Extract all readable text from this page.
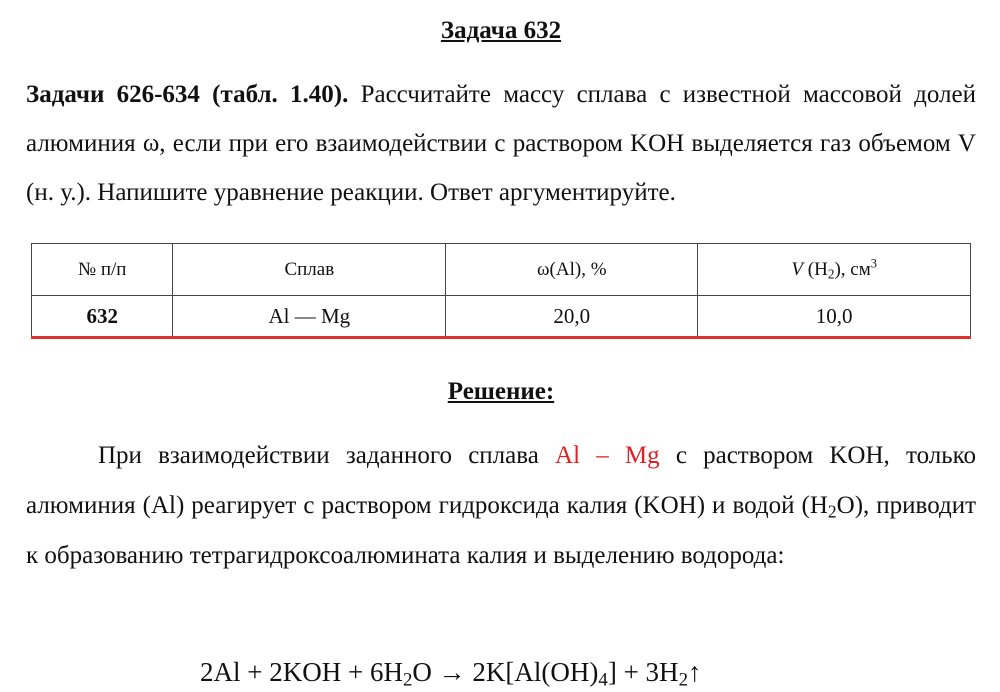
Задача 632
Задачи 626-634 (табл. 1.40). Рассчитайте массу сплава с известной массовой долей алюминия ω, если при его взаимодействии с раствором KOH выделяется газ объемом V (н. у.). Напишите уравнение реакции. Ответ аргументируйте.
№ п/п	Сплав	ω(Al), %	V $(H_2)$, $см^3$
632	Al — Mg	20,0	10,0
Решение:
При взаимодействии заданного сплава Al – Mg с раствором KOH, только алюминия (Al) реагирует с раствором гидроксида калия (KOH) и водой $(H_2O)$, приводит к образованию тетрагидроксоалюмината калия и выделению водорода:
$2Al + 2KOH + 6H_2O \to 2K[Al(OH)_4]$ + $3H_2↑$
